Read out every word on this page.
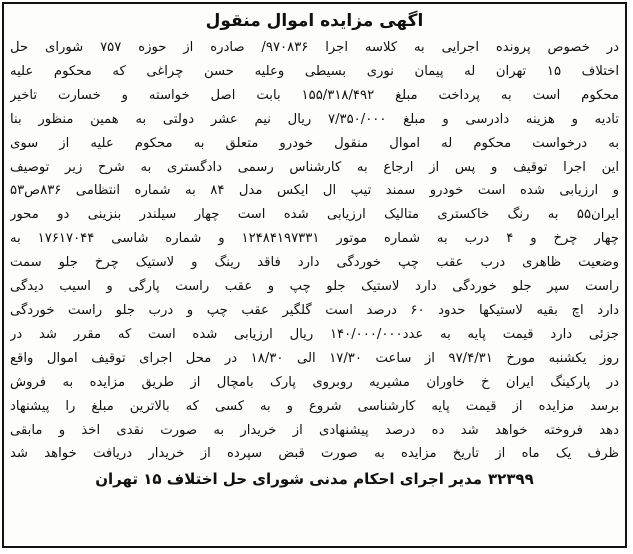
اگهی مزایده اموال منقول
در خصوص پرونده اجرایی به کلاسه اجرا ۹۷۰۸۳۶/ صادره از حوزه ۷۵۷ شورای حل
اختلاف ۱۵ تهران له پیمان نوری بسیطی وعلیه حسن چراغی که محکوم علیه
محکوم است به پرداخت مبلغ ۱۵۵/۳۱۸/۴۹۲ بابت اصل خواسته و خسارت تاخیر
تادیه و هزینه دادرسی و مبلغ ۷/۳۵۰/۰۰۰ ریال نیم عشر دولتی به همین منظور بنا
به درخواست محکوم له اموال منقول خودرو متعلق به محکوم علیه از سوی
این اجرا توقیف و پس از ارجاع به کارشناس رسمی دادگستری به شرح زیر توصیف
و ارزیابی شده است خودرو سمند تیپ ال ایکس مدل ۸۴ به شماره انتظامی ۸۳۶ص۵۳
ایران۵۵ به رنگ خاکستری متالیک ارزیابی شده است چهار سیلندر بنزینی دو محور
چهار چرخ و ۴ درب به شماره موتور ۱۲۴۸۴۱۹۷۳۳۱ و شماره شاسی ۱۷۶۱۷۰۴۴ به
وضعیت ظاهری درب عقب چپ خوردگی دارد فاقد رینگ و لاستیک چرخ جلو سمت
راست سپر جلو خوردگی دارد لاستیک جلو چپ و عقب راست پارگی و اسیب دیدگی
دارد اچ بقیه لاستیکها حدود ۶۰ درصد است گلگیر عقب چپ و درب جلو راست خوردگی
جزئی دارد قیمت پایه به عدد۱۴۰/۰۰۰/۰۰۰ ریال ارزیابی شده است که مقرر شد در
روز یکشنبه مورخ ۹۷/۴/۳۱ از ساعت ۱۷/۳۰ الی ۱۸/۳۰ در محل اجرای توقیف اموال واقع
در پارکینگ ایران خ خاوران مشیریه روبروی پارک بامچال از طریق مزایده به فروش
برسد مزایده از قیمت پایه کارشناسی شروع و به کسی که بالاترین مبلغ را پیشنهاد
دهد فروخته خواهد شد ده درصد پیشنهادی از خریدار به صورت نقدی اخذ و مابقی
ظرف یک ماه از تاریخ مزایده به صورت قبض سپرده از خریدار دریافت خواهد شد
۳۲۳۹۹
مدیر اجرای احکام مدنی شورای حل اختلاف ۱۵ تهران
